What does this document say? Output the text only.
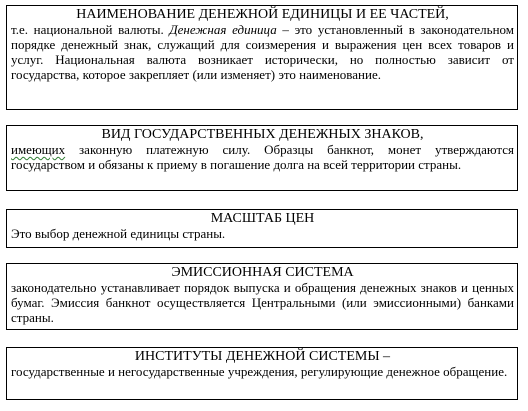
НАИМЕНОВАНИЕ ДЕНЕЖНОЙ ЕДИНИЦЫ И ЕЕ ЧАСТЕЙ,

т.е. национальной валюты. Денежная единица – это установленный в законодательном порядке денежный знак, служащий для соизмерения и выражения цен всех товаров и услуг. Национальная валюта возникает исторически, но полностью зависит от государства, которое закрепляет (или изменяет) это наименование.

ВИД ГОСУДАРСТВЕННЫХ ДЕНЕЖНЫХ ЗНАКОВ,

имеющих законную платежную силу. Образцы банкнот, монет утверждаются государством и обязаны к приему в погашение долга на всей территории страны.

МАСШТАБ ЦЕН

Это выбор денежной единицы страны.

ЭМИССИОННАЯ СИСТЕМА

законодательно устанавливает порядок выпуска и обращения денежных знаков и ценных бумаг. Эмиссия банкнот осуществляется Центральными (или эмиссионными) банками страны.

ИНСТИТУТЫ ДЕНЕЖНОЙ СИСТЕМЫ –

государственные и негосударственные учреждения, регулирующие денежное обращение.
